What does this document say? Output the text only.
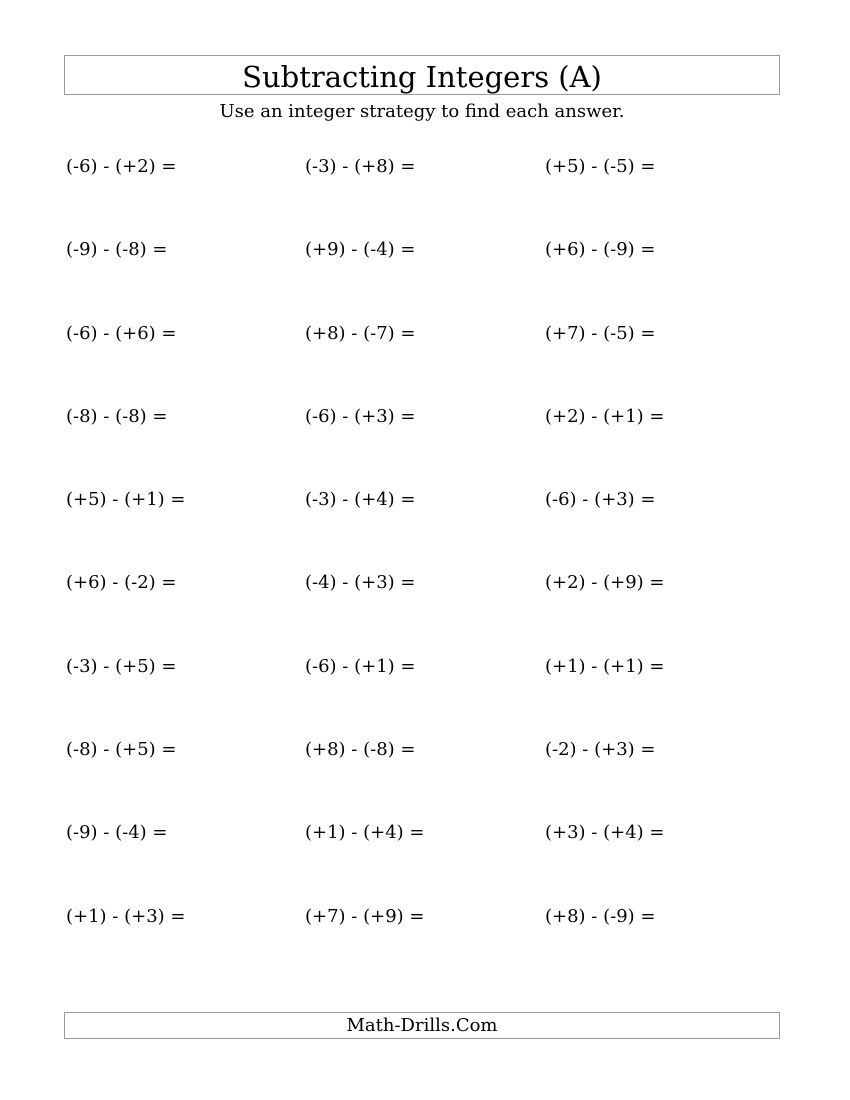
Subtracting Integers (A)
Use an integer strategy to find each answer.
(-6) - (+2) =	(-3) - (+8) =	(+5) - (-5) =
(-9) - (-8) =	(+9) - (-4) =	(+6) - (-9) =
(-6) - (+6) =	(+8) - (-7) =	(+7) - (-5) =
(-8) - (-8) =	(-6) - (+3) =	(+2) - (+1) =
(+5) - (+1) =	(-3) - (+4) =	(-6) - (+3) =
(+6) - (-2) =	(-4) - (+3) =	(+2) - (+9) =
(-3) - (+5) =	(-6) - (+1) =	(+1) - (+1) =
(-8) - (+5) =	(+8) - (-8) =	(-2) - (+3) =
(-9) - (-4) =	(+1) - (+4) =	(+3) - (+4) =
(+1) - (+3) =	(+7) - (+9) =	(+8) - (-9) =
Math-Drills.Com
